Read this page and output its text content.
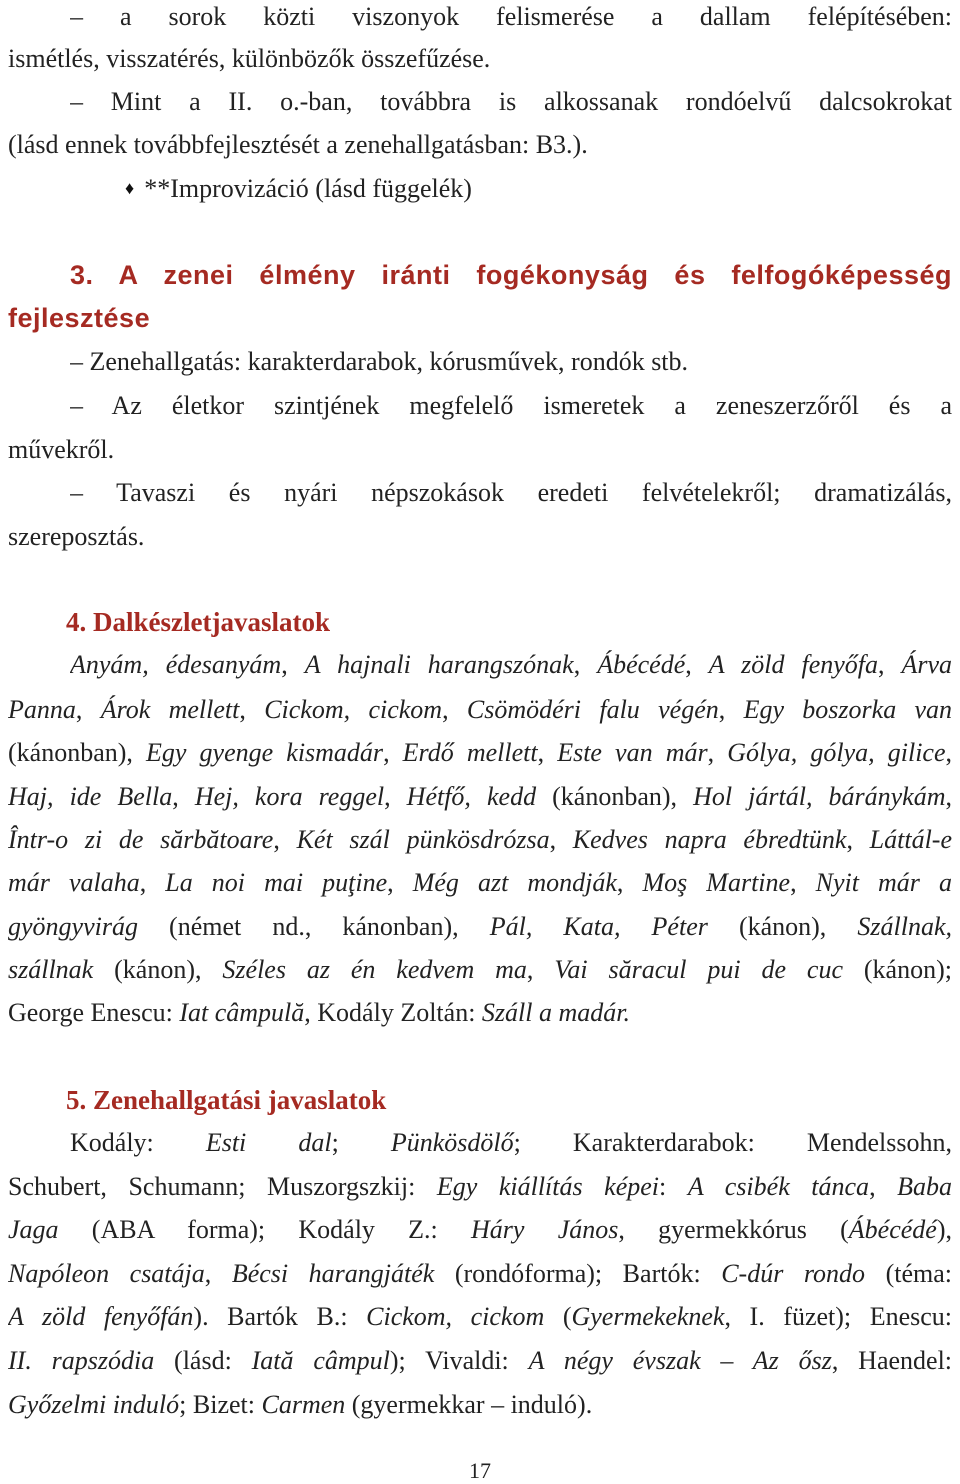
– a sorok közti viszonyok felismerése a dallam felépítésében:
ismétlés, visszatérés, különbözők összefűzése.
– Mint a II. o.-ban, továbbra is alkossanak rondóelvű dalcsokrokat
(lásd ennek továbbfejlesztését a zenehallgatásban: B3.).
♦ **Improvizáció (lásd függelék)
3. A zenei élmény iránti fogékonyság és felfogóképesség
fejlesztése
– Zenehallgatás: karakterdarabok, kórusművek, rondók stb.
– Az életkor szintjének megfelelő ismeretek a zeneszerzőről és a
művekről.
– Tavaszi és nyári népszokások eredeti felvételekről; dramatizálás,
szereposztás.
4. Dalkészletjavaslatok
Anyám, édesanyám, A hajnali harangszónak, Ábécédé, A zöld fenyőfa, Árva
Panna, Árok mellett, Cickom, cickom, Csömödéri falu végén, Egy boszorka van
(kánonban), Egy gyenge kismadár, Erdő mellett, Este van már, Gólya, gólya, gilice,
Haj, ide Bella, Hej, kora reggel, Hétfő, kedd (kánonban), Hol jártál, báránykám,
Într-o zi de sărbătoare, Két szál pünkösdrózsa, Kedves napra ébredtünk, Láttál-e
már valaha, La noi mai puţine, Még azt mondják, Moş Martine, Nyit már a
gyöngyvirág (német nd., kánonban), Pál, Kata, Péter (kánon), Szállnak,
szállnak (kánon), Széles az én kedvem ma, Vai săracul pui de cuc (kánon);
George Enescu: Iat câmpulă, Kodály Zoltán: Száll a madár.
5. Zenehallgatási javaslatok
Kodály: Esti dal; Pünkösdölő; Karakterdarabok: Mendelssohn,
Schubert, Schumann; Muszorgszkij: Egy kiállítás képei: A csibék tánca, Baba
Jaga (ABA forma); Kodály Z.: Háry János, gyermekkórus (Ábécédé),
Napóleon csatája, Bécsi harangjáték (rondóforma); Bartók: C-dúr rondo (téma:
A zöld fenyőfán). Bartók B.: Cickom, cickom (Gyermekeknek, I. füzet); Enescu:
II. rapszódia (lásd: Iată câmpul); Vivaldi: A négy évszak – Az ősz, Haendel:
Győzelmi induló; Bizet: Carmen (gyermekkar – induló).
17
